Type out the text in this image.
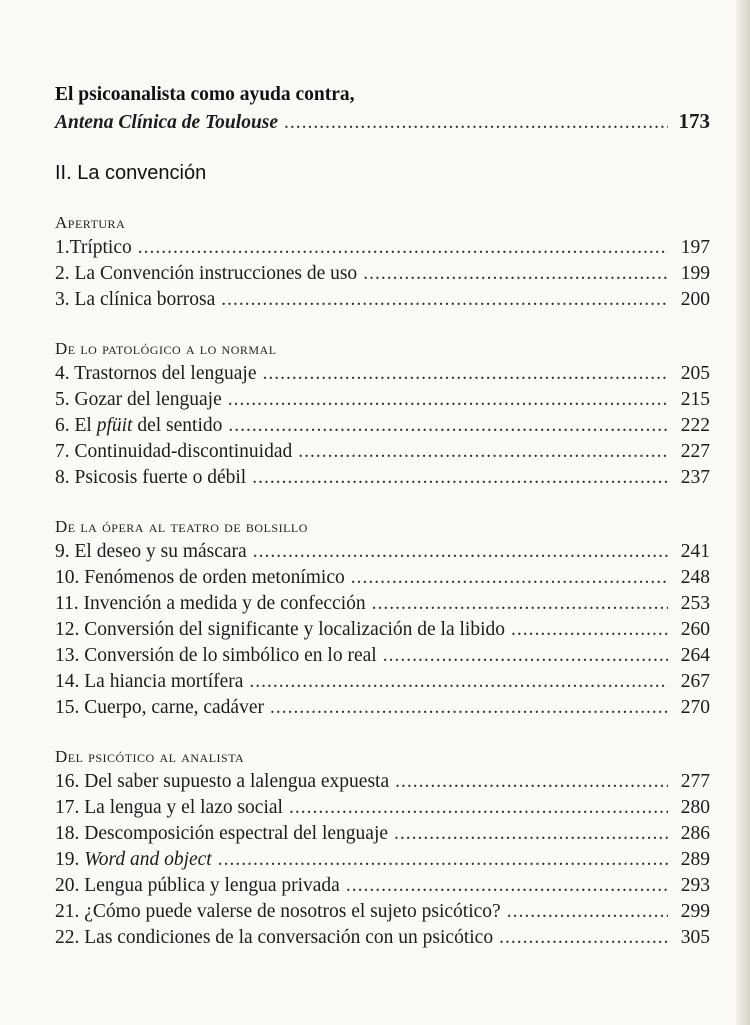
El psicoanalista como ayuda contra,
Antena Clínica de Toulouse .....	173
II. La convención
Apertura
1.Tríptico .....	197
2. La Convención instrucciones de uso .....	199
3. La clínica borrosa .....	200
De lo patológico a lo normal
4. Trastornos del lenguaje .....	205
5. Gozar del lenguaje .....	215
6. El pfüit del sentido .....	222
7. Continuidad-discontinuidad .....	227
8. Psicosis fuerte o débil .....	237
De la ópera al teatro de bolsillo
9. El deseo y su máscara .....	241
10. Fenómenos de orden metonímico .....	248
11. Invención a medida y de confección .....	253
12. Conversión del significante y localización de la libido .....	260
13. Conversión de lo simbólico en lo real .....	264
14. La hiancia mortífera .....	267
15. Cuerpo, carne, cadáver .....	270
Del psicótico al analista
16. Del saber supuesto a lalengua expuesta .....	277
17. La lengua y el lazo social .....	280
18. Descomposición espectral del lenguaje .....	286
19. Word and object .....	289
20. Lengua pública y lengua privada .....	293
21. ¿Cómo puede valerse de nosotros el sujeto psicótico? .....	299
22. Las condiciones de la conversación con un psicótico .....	305
